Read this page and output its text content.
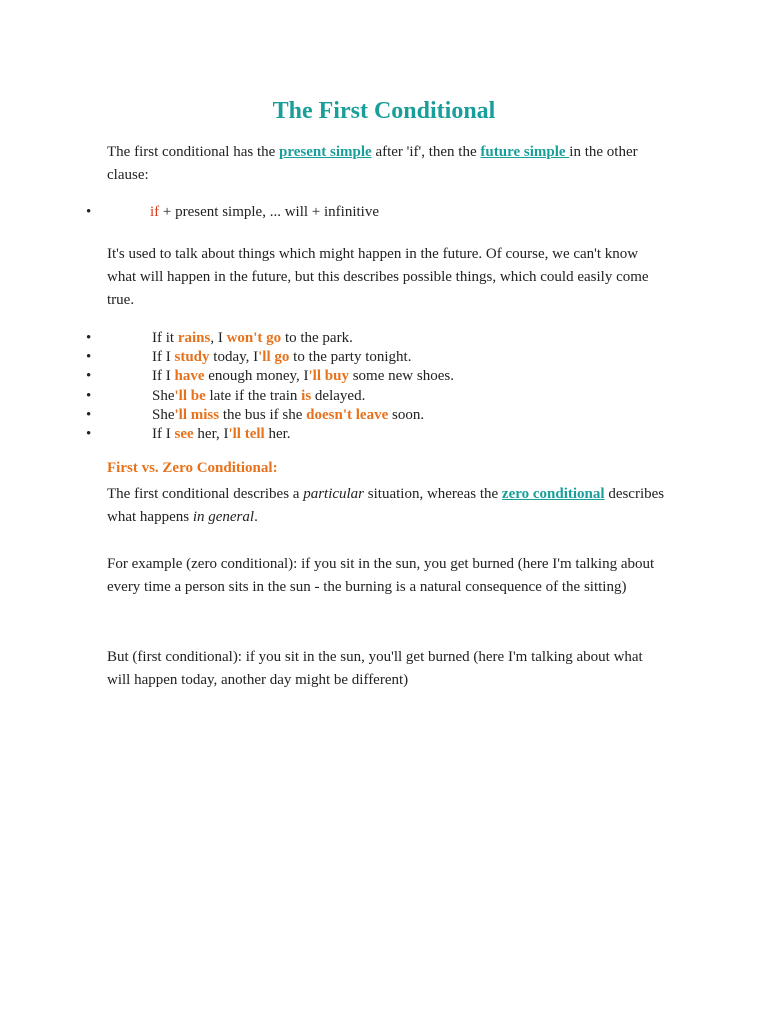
The First Conditional

The first conditional has the present simple after 'if', then the future simple in the other clause:

•	if + present simple, ... will + infinitive

It's used to talk about things which might happen in the future. Of course, we can't know what will happen in the future, but this describes possible things, which could easily come true.

•	If it rains, I won't go to the park.
•	If I study today, I'll go to the party tonight.
•	If I have enough money, I'll buy some new shoes.
•	She'll be late if the train is delayed.
•	She'll miss the bus if she doesn't leave soon.
•	If I see her, I'll tell her.

First vs. Zero Conditional:

The first conditional describes a particular situation, whereas the zero conditional describes what happens in general.

For example (zero conditional): if you sit in the sun, you get burned (here I'm talking about every time a person sits in the sun - the burning is a natural consequence of the sitting)

But (first conditional): if you sit in the sun, you'll get burned (here I'm talking about what will happen today, another day might be different)
